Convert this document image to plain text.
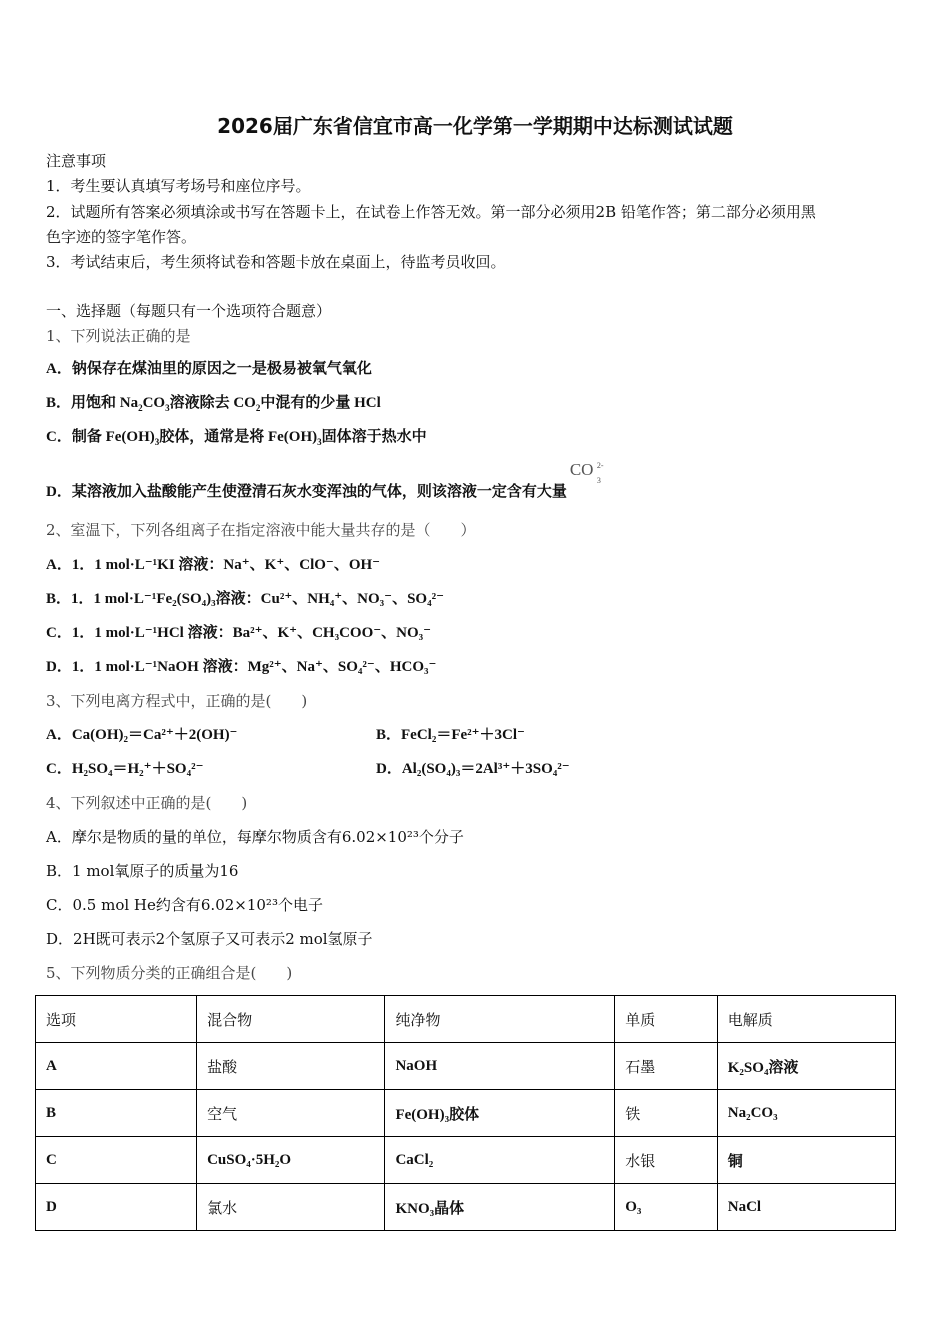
2026届广东省信宜市高一化学第一学期期中达标测试试题
注意事项
1．考生要认真填写考场号和座位序号。
2．试题所有答案必须填涂或书写在答题卡上，在试卷上作答无效。第一部分必须用2B 铅笔作答；第二部分必须用黑
色字迹的签字笔作答。
3．考试结束后，考生须将试卷和答题卡放在桌面上，待监考员收回。
一、选择题（每题只有一个选项符合题意）
1、下列说法正确的是
A．钠保存在煤油里的原因之一是极易被氧气氧化
B．用饱和 $Na_2CO_3$溶液除去 $CO_2$中混有的少量 HCl
C．制备 $Fe(OH)_3$胶体，通常是将 $Fe(OH)_3$固体溶于热水中
D．某溶液加入盐酸能产生使澄清石灰水变浑浊的气体，则该溶液一定含有大量
CO 2-
3
2、室温下，下列各组离子在指定溶液中能大量共存的是（　　）
A．1．1 mol·L⁻¹KI 溶液：Na⁺、K⁺、ClO⁻、OH⁻
B．1．1 mol·L⁻¹Fe₂(SO₄)₃溶液：Cu²⁺、NH₄⁺、NO₃⁻、SO₄²⁻
C．1．1 mol·L⁻¹HCl 溶液：Ba²⁺、K⁺、CH₃COO⁻、NO₃⁻
D．1．1 mol·L⁻¹NaOH 溶液：Mg²⁺、Na⁺、SO₄²⁻、HCO₃⁻
3、下列电离方程式中，正确的是(　　)
A．Ca(OH)₂＝Ca²⁺＋2(OH)⁻	B．FeCl₂＝Fe²⁺＋3Cl⁻
C．H₂SO₄＝H₂⁺＋SO₄²⁻	D．Al₂(SO₄)₃＝2Al³⁺＋3SO₄²⁻
4、下列叙述中正确的是(　　)
A．摩尔是物质的量的单位，每摩尔物质含有6.02×10²³个分子
B．1 mol氧原子的质量为16
C．0.5 mol He约含有6.02×10²³个电子
D．2H既可表示2个氢原子又可表示2 mol氢原子
5、下列物质分类的正确组合是(　　)
选项	混合物	纯净物	单质	电解质
A	盐酸	NaOH	石墨	K₂SO₄溶液
B	空气	Fe(OH)₃胶体	铁	Na₂CO₃
C	CuSO₄·5H₂O	CaCl₂	水银	铜
D	氯水	KNO₃晶体	O₃	NaCl
